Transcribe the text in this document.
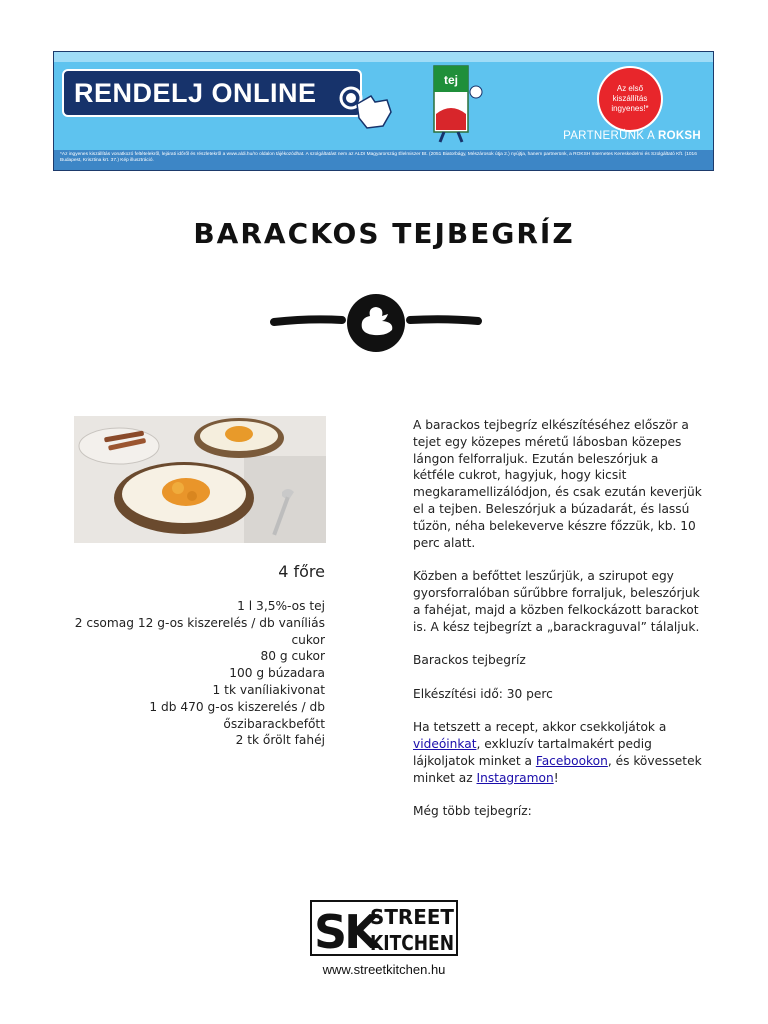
RENDELJ ONLINE	tej
Az első kiszállítás ingyenes!*
PARTNERÜNK A ROKSH
*Az ingyenes kiszállítás vonatkozó feltételekről, lejárati időről és részletekről a www.aldi.hu/ro oldalon tájékozódhat. A szolgáltatást nem az ALDI Magyarország Élelmiszer Bt. (2051 Biatorbágy, Mészárosok útja 2.) nyújtja, hanem partnerünk, a ROKSH Internetes Kereskedelmi és Szolgáltató Kft. (1016 Budapest, Krisztina krt. 37.) Kép illusztráció.
BARACKOS TEJBEGRÍZ
4 főre
1 l 3,5%-os tej
2 csomag 12 g-os kiszerelés / db vaníliás
cukor
80 g cukor
100 g búzadara
1 tk vaníliakivonat
1 db 470 g-os kiszerelés / db
őszibarackbefőtt
2 tk őrölt fahéj

A barackos tejbegríz elkészítéséhez először a tejet egy közepes méretű lábosban közepes lángon felforraljuk. Ezután beleszórjuk a kétféle cukrot, hagyjuk, hogy kicsit megkaramellizálódjon, és csak ezután keverjük el a tejben. Beleszórjuk a búzadarát, és lassú tűzön, néha belekeverve készre főzzük, kb. 10 perc alatt.

Közben a befőttet leszűrjük, a szirupot egy gyorsforralóban sűrűbbre forraljuk, beleszórjuk a fahéjat, majd a közben felkockázott barackot is. A kész tejbegrízt a „barackraguval” tálaljuk.

Barackos tejbegríz

Elkészítési idő: 30 perc

Ha tetszett a recept, akkor csekkoljátok a videóinkat, exkluzív tartalmakért pedig lájkoljatok minket a Facebookon, és kövessetek minket az Instagramon!

Még több tejbegríz:

SK
STREET
KITCHEN
www.streetkitchen.hu
